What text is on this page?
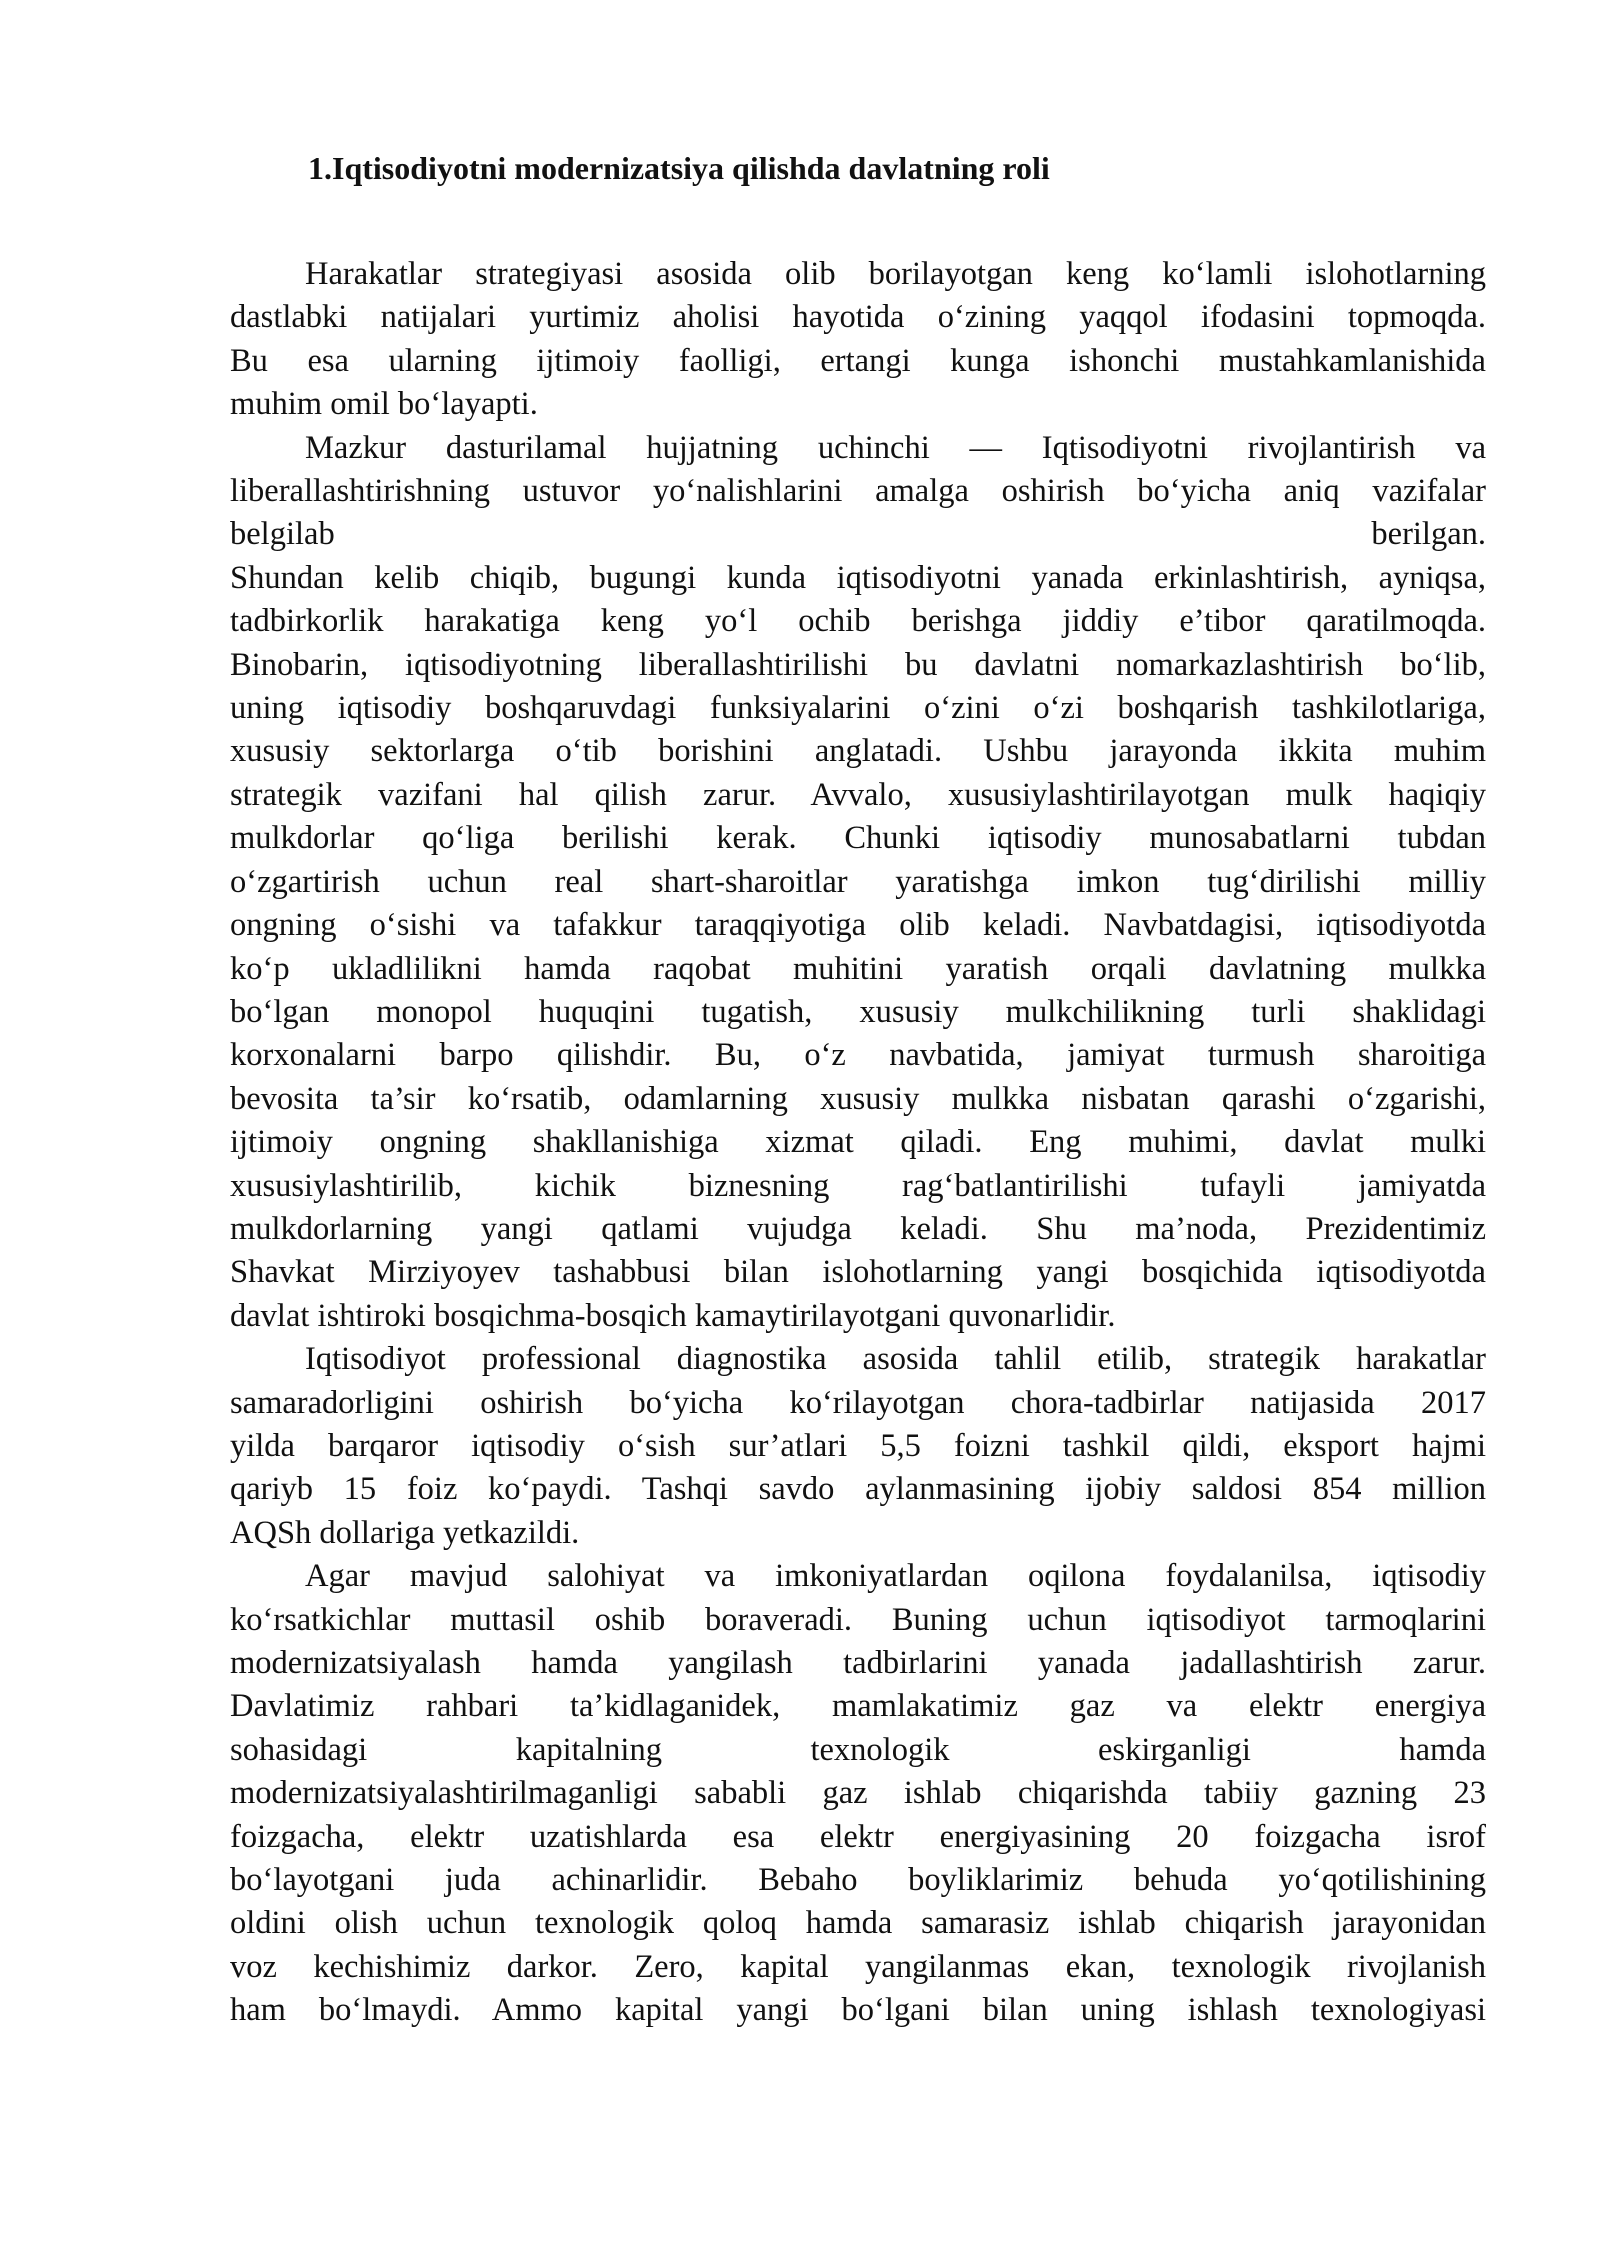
1.Iqtisodiyotni modernizatsiya qilishda davlatning roli
Harakatlar strategiyasi asosida olib borilayotgan keng ko‘lamli islohotlarning
dastlabki natijalari yurtimiz aholisi hayotida o‘zining yaqqol ifodasini topmoqda.
Bu esa ularning ijtimoiy faolligi, ertangi kunga ishonchi mustahkamlanishida
muhim omil bo‘layapti.
Mazkur dasturilamal hujjatning uchinchi — Iqtisodiyotni rivojlantirish va
liberallashtirishning ustuvor yo‘nalishlarini amalga oshirish bo‘yicha aniq vazifalar
belgilab berilgan.
Shundan kelib chiqib, bugungi kunda iqtisodiyotni yanada erkinlashtirish, ayniqsa,
tadbirkorlik harakatiga keng yo‘l ochib berishga jiddiy e’tibor qaratilmoqda.
Binobarin, iqtisodiyotning liberallashtirilishi bu davlatni nomarkazlashtirish bo‘lib,
uning iqtisodiy boshqaruvdagi funksiyalarini o‘zini o‘zi boshqarish tashkilotlariga,
xususiy sektorlarga o‘tib borishini anglatadi. Ushbu jarayonda ikkita muhim
strategik vazifani hal qilish zarur. Avvalo, xususiylashtirilayotgan mulk haqiqiy
mulkdorlar qo‘liga berilishi kerak. Chunki iqtisodiy munosabatlarni tubdan
o‘zgartirish uchun real shart-sharoitlar yaratishga imkon tug‘dirilishi milliy
ongning o‘sishi va tafakkur taraqqiyotiga olib keladi. Navbatdagisi, iqtisodiyotda
ko‘p ukladlilikni hamda raqobat muhitini yaratish orqali davlatning mulkka
bo‘lgan monopol huquqini tugatish, xususiy mulkchilikning turli shaklidagi
korxonalarni barpo qilishdir. Bu, o‘z navbatida, jamiyat turmush sharoitiga
bevosita ta’sir ko‘rsatib, odamlarning xususiy mulkka nisbatan qarashi o‘zgarishi,
ijtimoiy ongning shakllanishiga xizmat qiladi. Eng muhimi, davlat mulki
xususiylashtirilib, kichik biznesning rag‘batlantirilishi tufayli jamiyatda
mulkdorlarning yangi qatlami vujudga keladi. Shu ma’noda, Prezidentimiz
Shavkat Mirziyoyev tashabbusi bilan islohotlarning yangi bosqichida iqtisodiyotda
davlat ishtiroki bosqichma-bosqich kamaytirilayotgani quvonarlidir.
Iqtisodiyot professional diagnostika asosida tahlil etilib, strategik harakatlar
samaradorligini oshirish bo‘yicha ko‘rilayotgan chora-tadbirlar natijasida 2017
yilda barqaror iqtisodiy o‘sish sur’atlari 5,5 foizni tashkil qildi, eksport hajmi
qariyb 15 foiz ko‘paydi. Tashqi savdo aylanmasining ijobiy saldosi 854 million
AQSh dollariga yetkazildi.
Agar mavjud salohiyat va imkoniyatlardan oqilona foydalanilsa, iqtisodiy
ko‘rsatkichlar muttasil oshib boraveradi. Buning uchun iqtisodiyot tarmoqlarini
modernizatsiyalash hamda yangilash tadbirlarini yanada jadallashtirish zarur.
Davlatimiz rahbari ta’kidlaganidek, mamlakatimiz gaz va elektr energiya
sohasidagi kapitalning texnologik eskirganligi hamda
modernizatsiyalashtirilmaganligi sababli gaz ishlab chiqarishda tabiiy gazning 23
foizgacha, elektr uzatishlarda esa elektr energiyasining 20 foizgacha isrof
bo‘layotgani juda achinarlidir. Bebaho boyliklarimiz behuda yo‘qotilishining
oldini olish uchun texnologik qoloq hamda samarasiz ishlab chiqarish jarayonidan
voz kechishimiz darkor. Zero, kapital yangilanmas ekan, texnologik rivojlanish
ham bo‘lmaydi. Ammo kapital yangi bo‘lgani bilan uning ishlash texnologiyasi
